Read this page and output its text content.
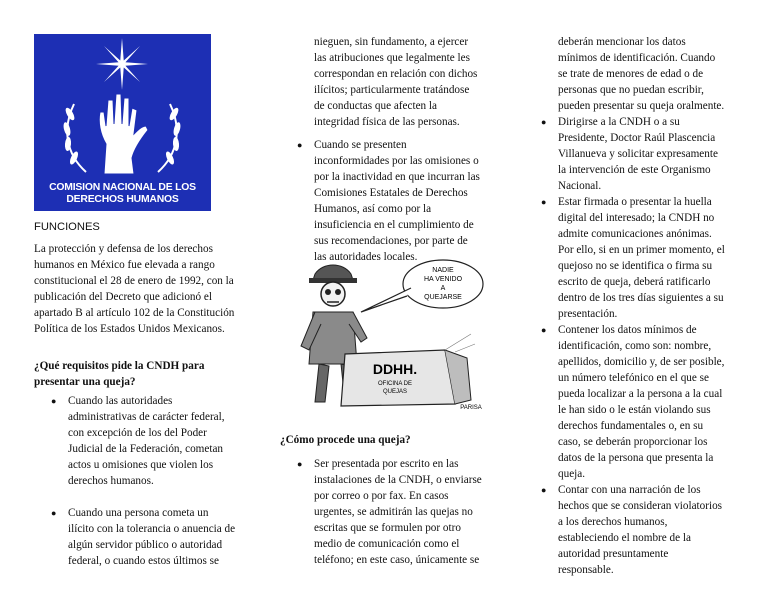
COMISION NACIONAL DE LOS
DERECHOS HUMANOS

FUNCIONES

La protección y defensa de los derechos
humanos en México fue elevada a rango
constitucional el 28 de enero de 1992, con la
publicación del Decreto que adicionó el
apartado B al artículo 102 de la Constitución
Política de los Estados Unidos Mexicanos.
¿Qué requisitos pide la CNDH para
presentar una queja?
● Cuando las autoridades
administrativas de carácter federal,
con excepción de los del Poder
Judicial de la Federación, cometan
actos u omisiones que violen los
derechos humanos.
● Cuando una persona cometa un
ilícito con la tolerancia o anuencia de
algún servidor público o autoridad
federal, o cuando estos últimos se
nieguen, sin fundamento, a ejercer
las atribuciones que legalmente les
correspondan en relación con dichos
ilícitos; particularmente tratándose
de conductas que afecten la
integridad física de las personas.
● Cuando se presenten
inconformidades por las omisiones o
por la inactividad en que incurran las
Comisiones Estatales de Derechos
Humanos, así como por la
insuficiencia en el cumplimiento de
sus recomendaciones, por parte de
las autoridades locales.
¿Cómo procede una queja?
● Ser presentada por escrito en las
instalaciones de la CNDH, o enviarse
por correo o por fax. En casos
urgentes, se admitirán las quejas no
escritas que se formulen por otro
medio de comunicación como el
teléfono; en este caso, únicamente se
NADIE
HA VENIDO
A
QUEJARSE
DDHH.
OFICINA DE
QUEJAS
PARISA
deberán mencionar los datos
mínimos de identificación. Cuando
se trate de menores de edad o de
personas que no puedan escribir,
pueden presentar su queja oralmente.
● Dirigirse a la CNDH o a su
Presidente, Doctor Raúl Plascencia
Villanueva y solicitar expresamente
la intervención de este Organismo
Nacional.
● Estar firmada o presentar la huella
digital del interesado; la CNDH no
admite comunicaciones anónimas.
Por ello, si en un primer momento, el
quejoso no se identifica o firma su
escrito de queja, deberá ratificarlo
dentro de los tres días siguientes a su
presentación.
● Contener los datos mínimos de
identificación, como son: nombre,
apellidos, domicilio y, de ser posible,
un número telefónico en el que se
pueda localizar a la persona a la cual
le han sido o le están violando sus
derechos fundamentales o, en su
caso, se deberán proporcionar los
datos de la persona que presenta la
queja.
● Contar con una narración de los
hechos que se consideran violatorios
a los derechos humanos,
estableciendo el nombre de la
autoridad presuntamente
responsable.
